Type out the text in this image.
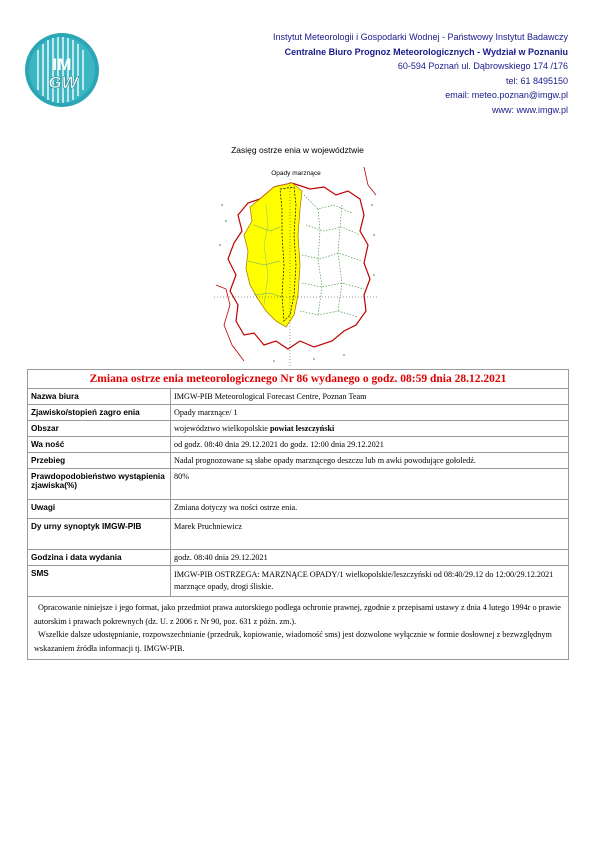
IM
GW
Instytut Meteorologii i Gospodarki Wodnej - Państwowy Instytut Badawczy
Centralne Biuro Prognoz Meteorologicznych - Wydział w Poznaniu
60-594 Poznań ul. Dąbrowskiego 174 /176
tel: 61 8495150
email: meteo.poznan@imgw.pl
www: www.imgw.pl
Zasięg ostrze enia w województwie
Opady marznące
Zmiana ostrze enia meteorologicznego Nr 86 wydanego o godz. 08:59 dnia 28.12.2021	
Nazwa biura	IMGW-PIB Meteorological Forecast Centre, Poznan Team
Zjawisko/stopień zagro enia	Opady marznące/ 1
Obszar	województwo wielkopolskie powiat leszczyński
Wa ność	od godz. 08:40 dnia 29.12.2021 do godz. 12:00 dnia 29.12.2021
Przebieg	Nadal prognozowane są słabe opady marznącego deszczu lub m awki powodujące gołoledź.
Prawdopodobieństwo wystąpienia zjawiska(%)	80%
Uwagi	Zmiana dotyczy wa ności ostrze enia.
Dy urny synoptyk IMGW-PIB	Marek Pruchniewicz
Godzina i data wydania	godz. 08:40 dnia 29.12.2021
SMS	IMGW-PIB OSTRZEGA: MARZNĄCE OPADY/1 wielkopolskie/leszczyński od 08:40/29.12 do 12:00/29.12.2021 marznące opady, drogi śliskie.

Opracowanie niniejsze i jego format, jako przedmiot prawa autorskiego podlega ochronie prawnej, zgodnie z przepisami ustawy z dnia 4 lutego 1994r o prawie autorskim i prawach pokrewnych (dz. U. z 2006 r. Nr 90, poz. 631 z późn. zm.).
Wszelkie dalsze udostępnianie, rozpowszechnianie (przedruk, kopiowanie, wiadomość sms) jest dozwolone wyłącznie w formie dosłownej z bezwzględnym wskazaniem źródła informacji tj. IMGW-PIB.	
